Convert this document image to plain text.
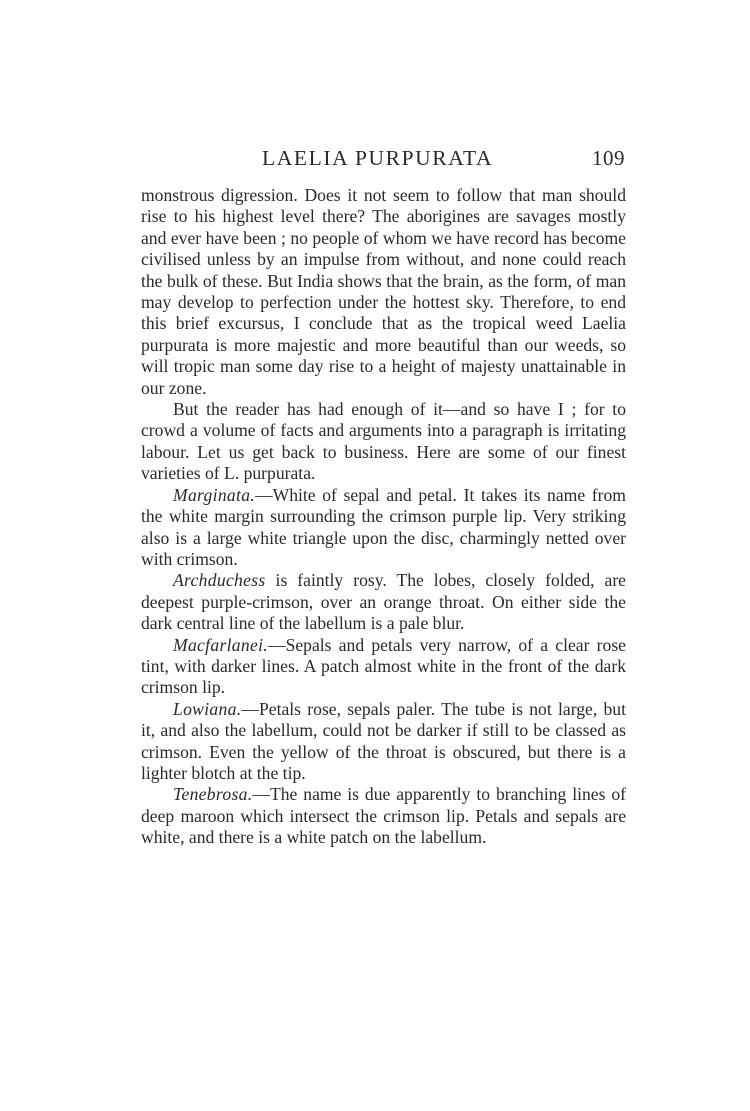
LAELIA PURPURATA	109

monstrous digression. Does it not seem to follow that man should rise to his highest level there? The aborigines are savages mostly and ever have been ; no people of whom we have record has become civilised unless by an impulse from without, and none could reach the bulk of these. But India shows that the brain, as the form, of man may develop to perfection under the hottest sky. Therefore, to end this brief excursus, I conclude that as the tropical weed Laelia purpurata is more majestic and more beautiful than our weeds, so will tropic man some day rise to a height of majesty unattainable in our zone.

But the reader has had enough of it—and so have I ; for to crowd a volume of facts and arguments into a paragraph is irritating labour. Let us get back to business. Here are some of our finest varieties of L. purpurata.

Marginata.—White of sepal and petal. It takes its name from the white margin surrounding the crimson purple lip. Very striking also is a large white triangle upon the disc, charmingly netted over with crimson.

Archduchess is faintly rosy. The lobes, closely folded, are deepest purple-crimson, over an orange throat. On either side the dark central line of the labellum is a pale blur.

Macfarlanei.—Sepals and petals very narrow, of a clear rose tint, with darker lines. A patch almost white in the front of the dark crimson lip.

Lowiana.—Petals rose, sepals paler. The tube is not large, but it, and also the labellum, could not be darker if still to be classed as crimson. Even the yellow of the throat is obscured, but there is a lighter blotch at the tip.

Tenebrosa.—The name is due apparently to branching lines of deep maroon which intersect the crimson lip. Petals and sepals are white, and there is a white patch on the labellum.
